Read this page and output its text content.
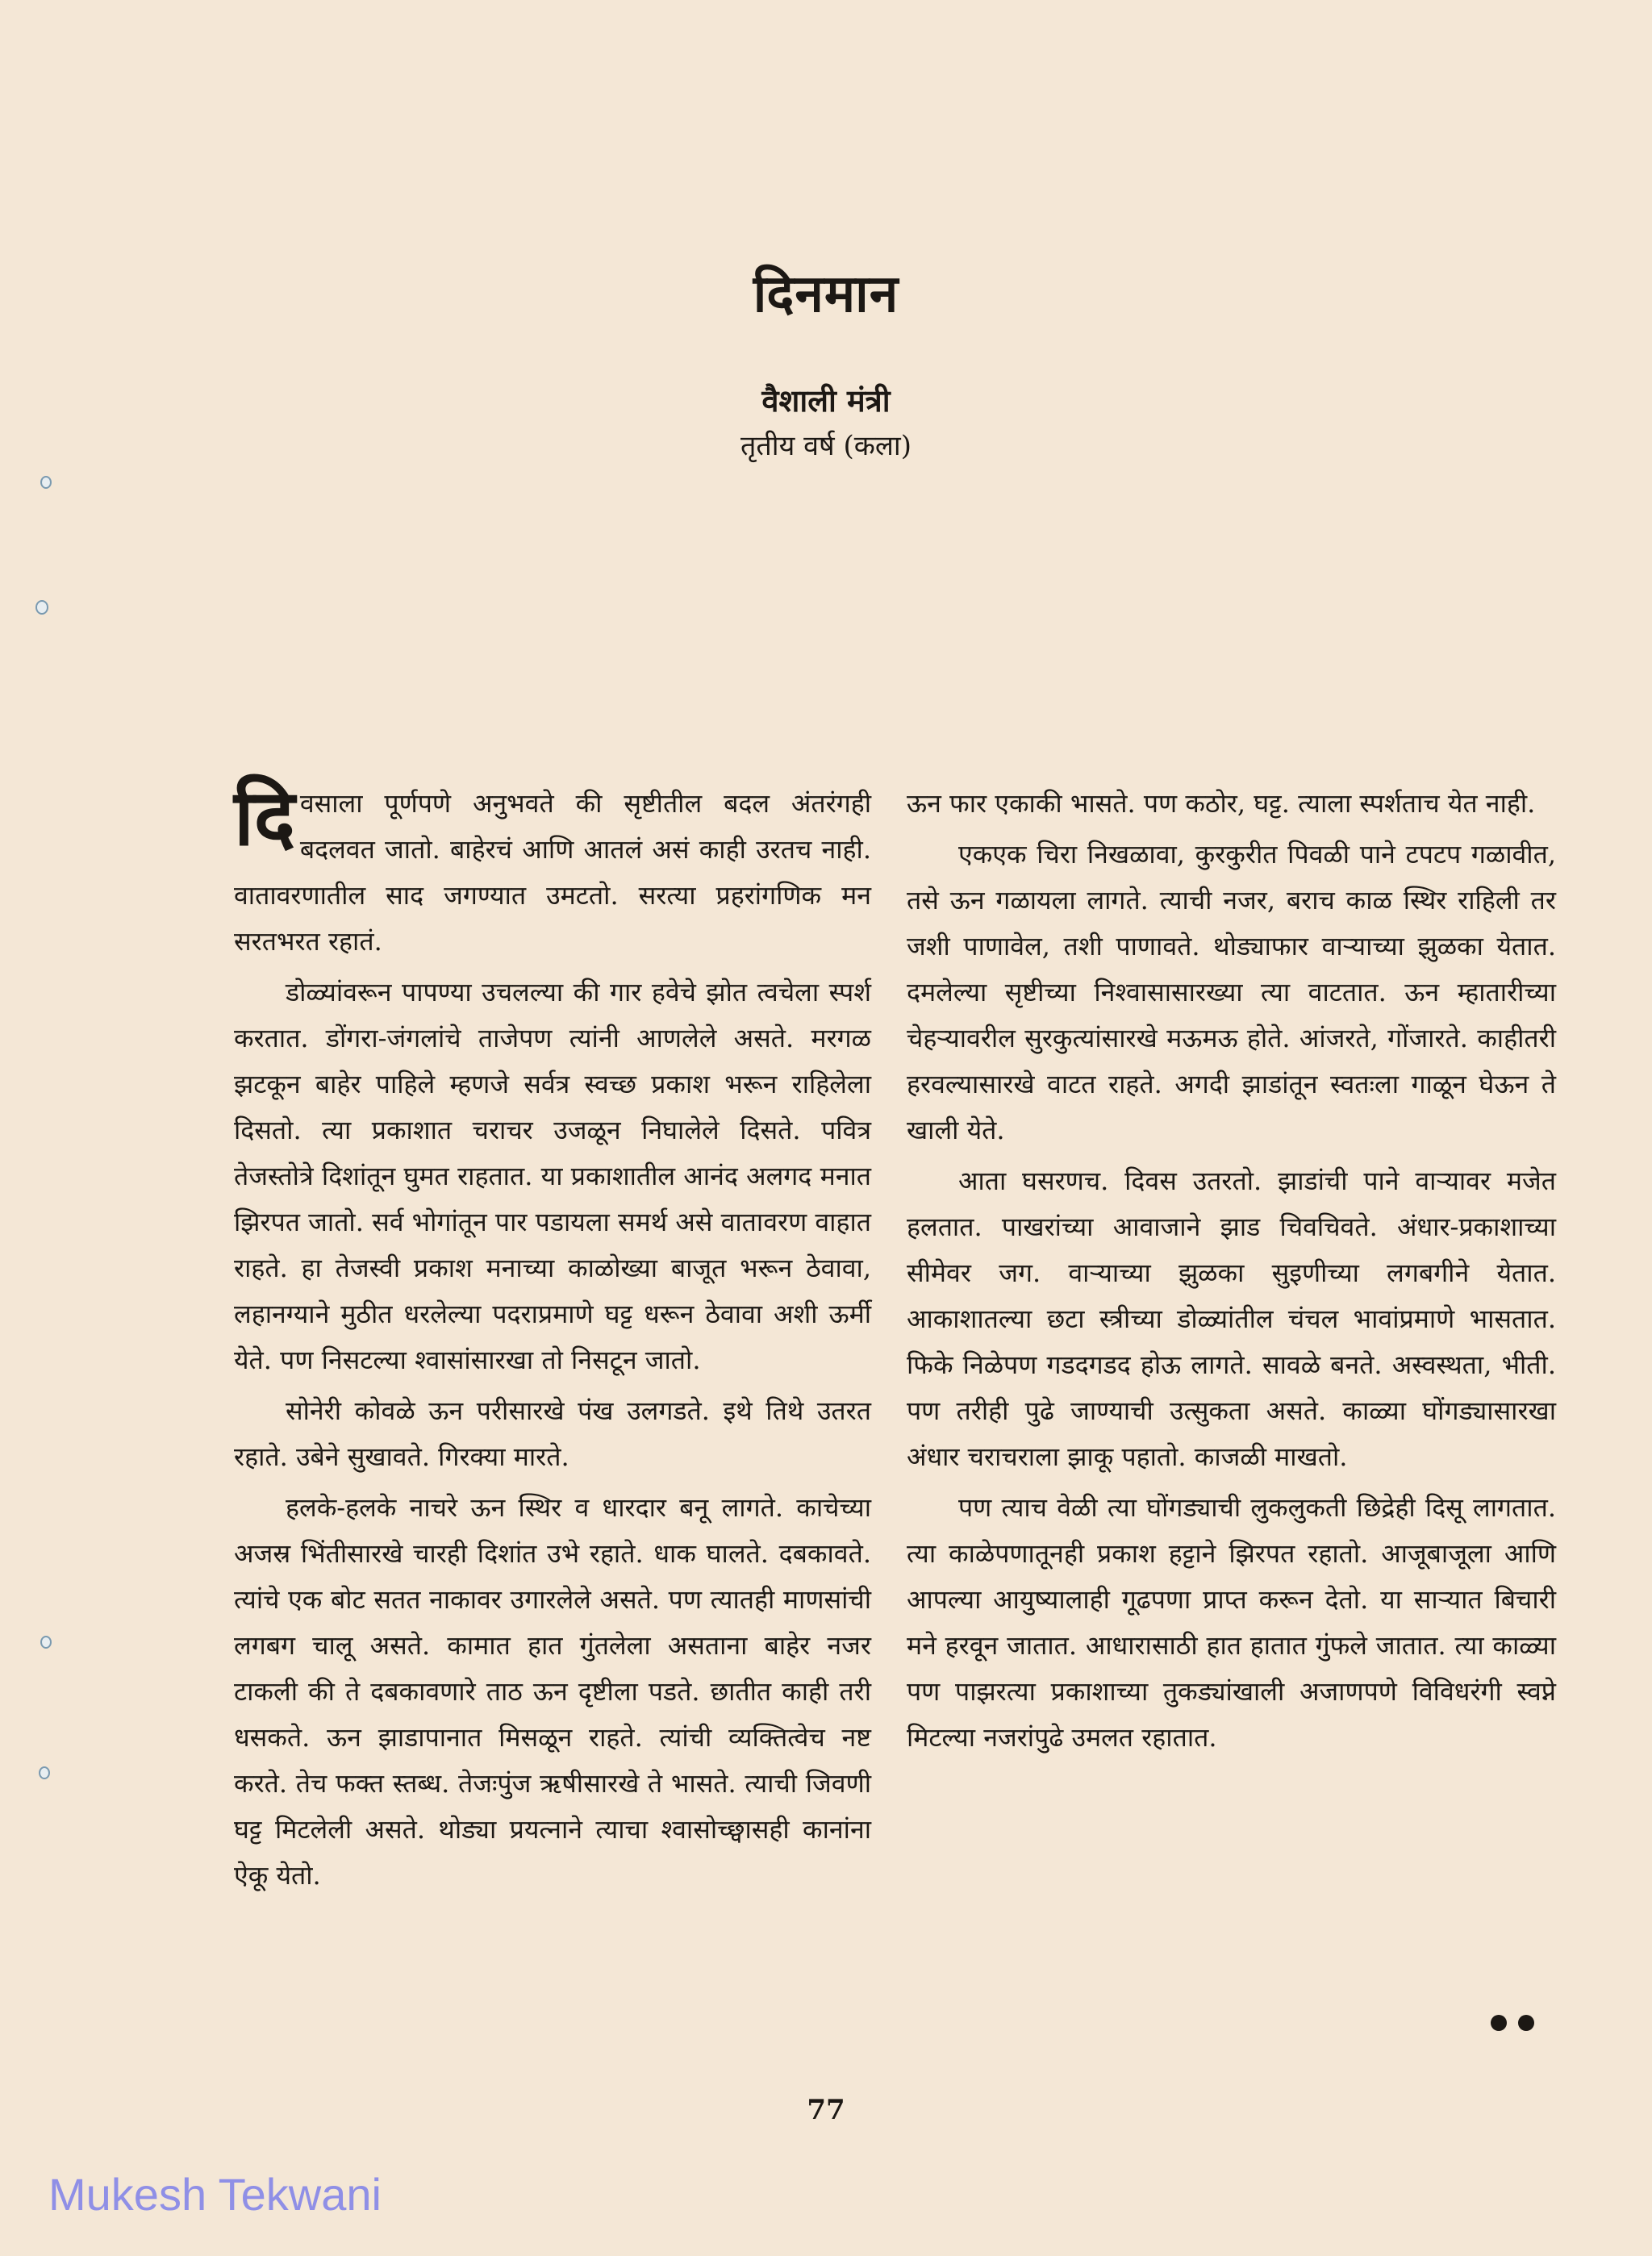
दिनमान
वैशाली मंत्री
तृतीय वर्ष (कला)

दिवसाला पूर्णपणे अनुभवते की सृष्टीतील बदल अंतरंगही बदलवत जातो. बाहेरचं आणि आतलं असं काही उरतच नाही. वातावरणातील साद जगण्यात उमटतो. सरत्या प्रहरांगणिक मन सरतभरत रहातं.

डोळ्यांवरून पापण्या उचलल्या की गार हवेचे झोत त्वचेला स्पर्श करतात. डोंगरा-जंगलांचे ताजेपण त्यांनी आणलेले असते. मरगळ झटकून बाहेर पाहिले म्हणजे सर्वत्र स्वच्छ प्रकाश भरून राहिलेला दिसतो. त्या प्रकाशात चराचर उजळून निघालेले दिसते. पवित्र तेजस्तोत्रे दिशांतून घुमत राहतात. या प्रकाशातील आनंद अलगद मनात झिरपत जातो. सर्व भोगांतून पार पडायला समर्थ असे वातावरण वाहात राहते. हा तेजस्वी प्रकाश मनाच्या काळोख्या बाजूत भरून ठेवावा, लहानग्याने मुठीत धरलेल्या पदराप्रमाणे घट्ट धरून ठेवावा अशी ऊर्मी येते. पण निसटल्या श्वासांसारखा तो निसटून जातो.

सोनेरी कोवळे ऊन परीसारखे पंख उलगडते. इथे तिथे उतरत रहाते. उबेने सुखावते. गिरक्या मारते.

हलके-हलके नाचरे ऊन स्थिर व धारदार बनू लागते. काचेच्या अजस्र भिंतीसारखे चारही दिशांत उभे रहाते. धाक घालते. दबकावते. त्यांचे एक बोट सतत नाकावर उगारलेले असते. पण त्यातही माणसांची लगबग चालू असते. कामात हात गुंतलेला असताना बाहेर नजर टाकली की ते दबकावणारे ताठ ऊन दृष्टीला पडते. छातीत काही तरी धसकते. ऊन झाडापानात मिसळून राहते. त्यांची व्यक्तित्वेच नष्ट करते. तेच फक्त स्तब्ध. तेजःपुंज ऋषीसारखे ते भासते. त्याची जिवणी घट्ट मिटलेली असते. थोड्या प्रयत्नाने त्याचा श्वासोच्छ्वासही कानांना ऐकू येतो.

ऊन फार एकाकी भासते. पण कठोर, घट्ट. त्याला स्पर्शताच येत नाही.

एकएक चिरा निखळावा, कुरकुरीत पिवळी पाने टपटप गळावीत, तसे ऊन गळायला लागते. त्याची नजर, बराच काळ स्थिर राहिली तर जशी पाणावेल, तशी पाणावते. थोड्याफार वाऱ्याच्या झुळका येतात. दमलेल्या सृष्टीच्या निश्वासासारख्या त्या वाटतात. ऊन म्हातारीच्या चेहऱ्यावरील सुरकुत्यांसारखे मऊमऊ होते. आंजरते, गोंजारते. काहीतरी हरवल्यासारखे वाटत राहते. अगदी झाडांतून स्वतःला गाळून घेऊन ते खाली येते.

आता घसरणच. दिवस उतरतो. झाडांची पाने वाऱ्यावर मजेत हलतात. पाखरांच्या आवाजाने झाड चिवचिवते. अंधार-प्रकाशाच्या सीमेवर जग. वाऱ्याच्या झुळका सुइणीच्या लगबगीने येतात. आकाशातल्या छटा स्त्रीच्या डोळ्यांतील चंचल भावांप्रमाणे भासतात. फिके निळेपण गडदगडद होऊ लागते. सावळे बनते. अस्वस्थता, भीती. पण तरीही पुढे जाण्याची उत्सुकता असते. काळ्या घोंगड्यासारखा अंधार चराचराला झाकू पहातो. काजळी माखतो.

पण त्याच वेळी त्या घोंगड्याची लुकलुकती छिद्रेही दिसू लागतात. त्या काळेपणातूनही प्रकाश हट्टाने झिरपत रहातो. आजूबाजूला आणि आपल्या आयुष्यालाही गूढपणा प्राप्त करून देतो. या साऱ्यात बिचारी मने हरवून जातात. आधारासाठी हात हातात गुंफले जातात. त्या काळ्या पण पाझरत्या प्रकाशाच्या तुकड्यांखाली अजाणपणे विविधरंगी स्वप्ने मिटल्या नजरांपुढे उमलत रहातात.

77
Mukesh Tekwani
